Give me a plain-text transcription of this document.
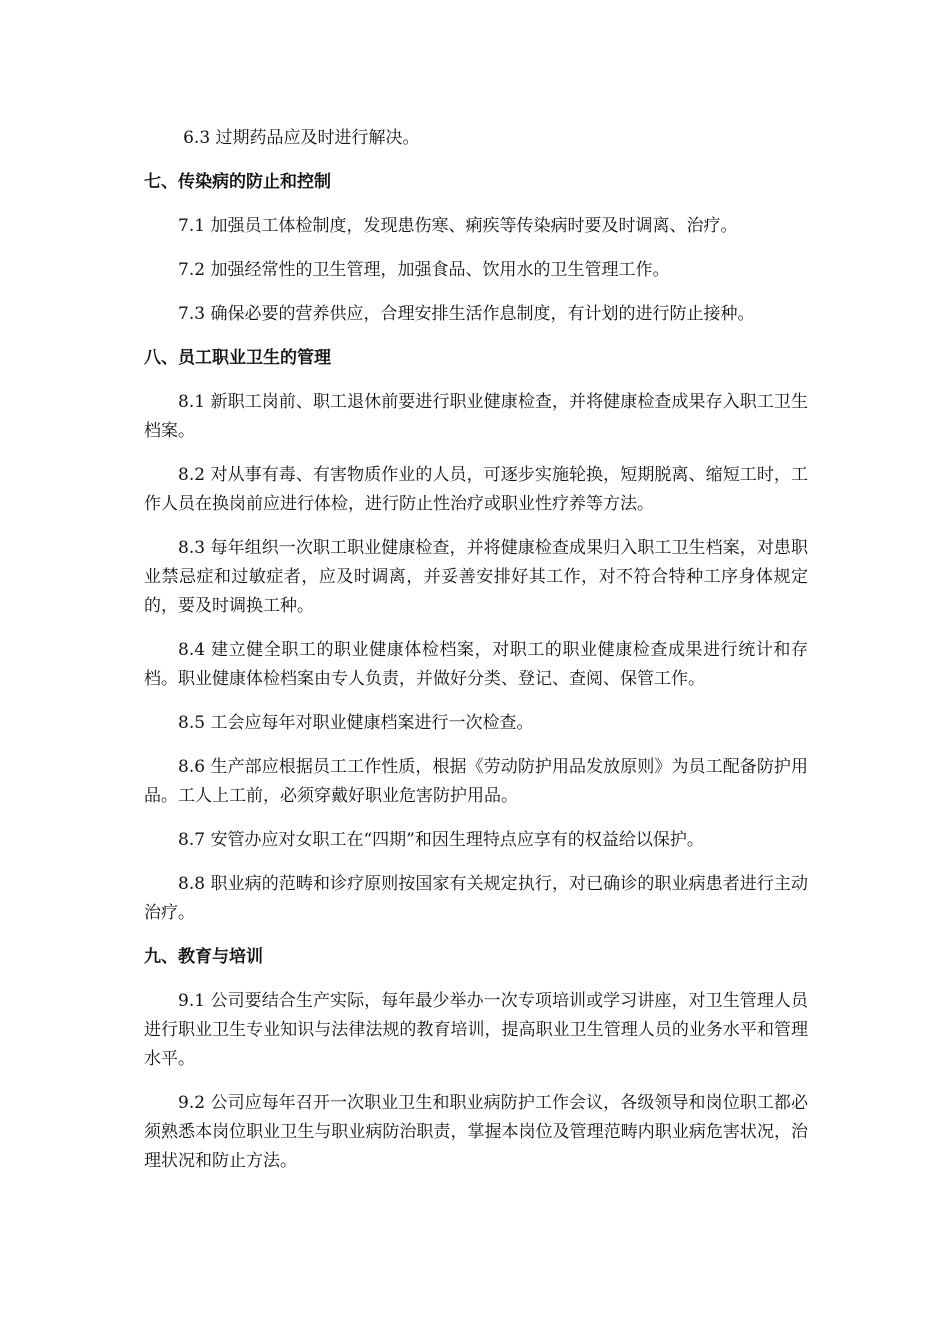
6.3 过期药品应及时进行解决。

七、传染病的防止和控制

7.1 加强员工体检制度，发现患伤寒、痢疾等传染病时要及时调离、治疗。

7.2 加强经常性的卫生管理，加强食品、饮用水的卫生管理工作。

7.3 确保必要的营养供应，合理安排生活作息制度，有计划的进行防止接种。

八、员工职业卫生的管理

8.1 新职工岗前、职工退休前要进行职业健康检查，并将健康检查成果存入职工卫生档案。

8.2 对从事有毒、有害物质作业的人员，可逐步实施轮换，短期脱离、缩短工时，工作人员在换岗前应进行体检，进行防止性治疗或职业性疗养等方法。

8.3 每年组织一次职工职业健康检查，并将健康检查成果归入职工卫生档案，对患职业禁忌症和过敏症者，应及时调离，并妥善安排好其工作，对不符合特种工序身体规定的，要及时调换工种。

8.4 建立健全职工的职业健康体检档案，对职工的职业健康检查成果进行统计和存档。职业健康体检档案由专人负责，并做好分类、登记、查阅、保管工作。

8.5 工会应每年对职业健康档案进行一次检查。

8.6 生产部应根据员工工作性质，根据《劳动防护用品发放原则》为员工配备防护用品。工人上工前，必须穿戴好职业危害防护用品。

8.7 安管办应对女职工在“四期”和因生理特点应享有的权益给以保护。

8.8 职业病的范畴和诊疗原则按国家有关规定执行，对已确诊的职业病患者进行主动治疗。

九、教育与培训

9.1 公司要结合生产实际，每年最少举办一次专项培训或学习讲座，对卫生管理人员进行职业卫生专业知识与法律法规的教育培训，提高职业卫生管理人员的业务水平和管理水平。

9.2 公司应每年召开一次职业卫生和职业病防护工作会议，各级领导和岗位职工都必须熟悉本岗位职业卫生与职业病防治职责，掌握本岗位及管理范畴内职业病危害状况，治理状况和防止方法。
